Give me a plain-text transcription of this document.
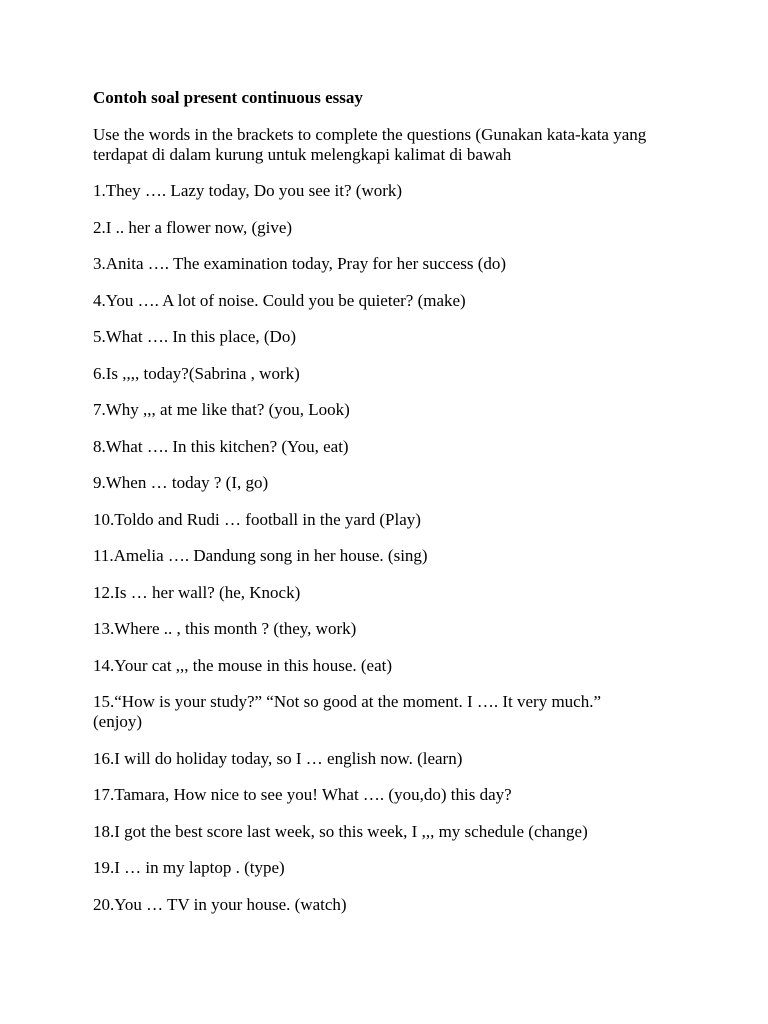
Contoh soal present continuous essay
Use the words in the brackets to complete the questions (Gunakan kata-kata yang terdapat di dalam kurung untuk melengkapi kalimat di bawah
1.They …. Lazy today, Do you see it? (work)
2.I .. her a flower now, (give)
3.Anita …. The examination today, Pray for her success (do)
4.You …. A lot of noise. Could you be quieter? (make)
5.What …. In this place, (Do)
6.Is ,,,, today?(Sabrina , work)
7.Why ,,, at me like that? (you, Look)
8.What …. In this kitchen? (You, eat)
9.When … today ? (I, go)
10.Toldo and Rudi … football in the yard (Play)
11.Amelia …. Dandung song in her house. (sing)
12.Is … her wall? (he, Knock)
13.Where .. , this month ? (they, work)
14.Your cat ,,, the mouse in this house. (eat)
15.“How is your study?” “Not so good at the moment. I …. It very much.” (enjoy)
16.I will do holiday today, so I … english now. (learn)
17.Tamara, How nice to see you! What …. (you,do) this day?
18.I got the best score last week, so this week, I ,,, my schedule (change)
19.I … in my laptop . (type)
20.You … TV in your house. (watch)
